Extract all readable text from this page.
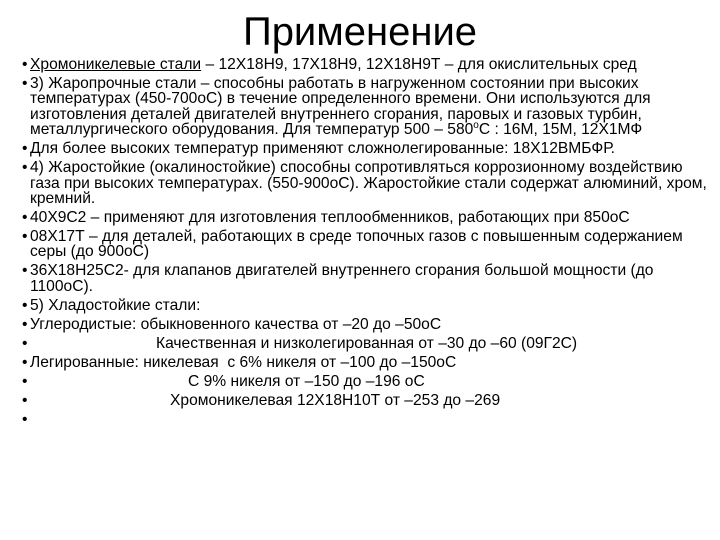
Применение
• Хромоникелевые стали – 12Х18Н9, 17Х18Н9, 12Х18Н9Т – для окислительных сред
• 3) Жаропрочные стали – способны работать в нагруженном состоянии при высоких температурах (450-700оС) в течение определенного времени. Они используются для изготовления деталей двигателей внутреннего сгорания, паровых и газовых турбин, металлургического оборудования. Для температур $500 - 580^оС$ : 16М, 15М, 12Х1МФ
• Для более высоких температур применяют сложнолегированные: 18Х12ВМБФР.
• 4) Жаростойкие (окалиностойкие) способны сопротивляться коррозионному воздействию газа при высоких температурах. (550-900оС). Жаростойкие стали содержат алюминий, хром, кремний.
• 40Х9С2 – применяют для изготовления теплообменников, работающих при 850оС
• 08Х17Т – для деталей, работающих в среде топочных газов с повышенным содержанием серы (до 900оС)
• 36Х18Н25С2- для клапанов двигателей внутреннего сгорания большой мощности (до 1100оС).
• 5) Хладостойкие стали:
• Углеродистые: обыкновенного качества от –20 до –50оС
•	Качественная и низколегированная от –30 до –60 (09Г2С)
• Легированные: никелевая  с 6% никеля от –100 до –150оС
•	С 9% никеля от –150 до –196 оС
•	Хромоникелевая 12Х18Н10Т от –253 до –269
•
